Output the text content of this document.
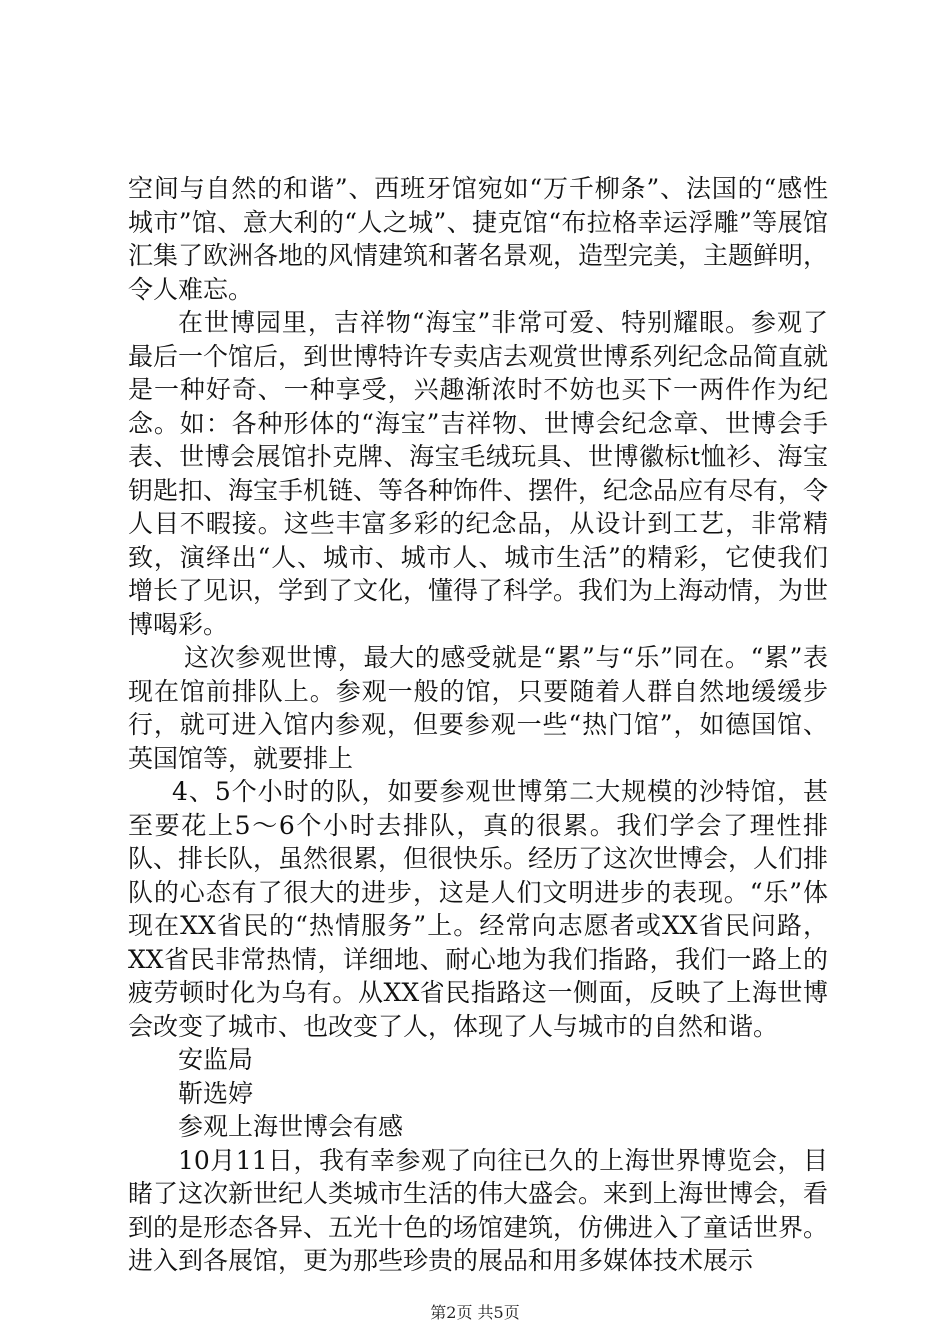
空间与自然的和谐”、西班牙馆宛如“万千柳条”、法国的“感性城市”馆、意大利的“人之城”、捷克馆“布拉格幸运浮雕”等展馆汇集了欧洲各地的风情建筑和著名景观，造型完美，主题鲜明，令人难忘。

在世博园里，吉祥物“海宝”非常可爱、特别耀眼。参观了最后一个馆后，到世博特许专卖店去观赏世博系列纪念品简直就是一种好奇、一种享受，兴趣渐浓时不妨也买下一两件作为纪念。如：各种形体的“海宝”吉祥物、世博会纪念章、世博会手表、世博会展馆扑克牌、海宝毛绒玩具、世博徽标t恤衫、海宝钥匙扣、海宝手机链、等各种饰件、摆件，纪念品应有尽有，令人目不暇接。这些丰富多彩的纪念品，从设计到工艺，非常精致，演绎出“人、城市、城市人、城市生活”的精彩，它使我们增长了见识，学到了文化，懂得了科学。我们为上海动情，为世博喝彩。

这次参观世博，最大的感受就是“累”与“乐”同在。“累”表现在馆前排队上。参观一般的馆，只要随着人群自然地缓缓步行，就可进入馆内参观，但要参观一些“热门馆”，如德国馆、英国馆等，就要排上

4、5个小时的队，如要参观世博第二大规模的沙特馆，甚至要花上5～6个小时去排队，真的很累。我们学会了理性排队、排长队，虽然很累，但很快乐。经历了这次世博会，人们排队的心态有了很大的进步，这是人们文明进步的表现。“乐”体现在XX省民的“热情服务”上。经常向志愿者或XX省民问路，XX省民非常热情，详细地、耐心地为我们指路，我们一路上的疲劳顿时化为乌有。从XX省民指路这一侧面，反映了上海世博会改变了城市、也改变了人，体现了人与城市的自然和谐。

安监局

靳选婷

参观上海世博会有感

10月11日，我有幸参观了向往已久的上海世界博览会，目睹了这次新世纪人类城市生活的伟大盛会。来到上海世博会，看到的是形态各异、五光十色的场馆建筑，仿佛进入了童话世界。进入到各展馆，更为那些珍贵的展品和用多媒体技术展示

第2页 共5页
